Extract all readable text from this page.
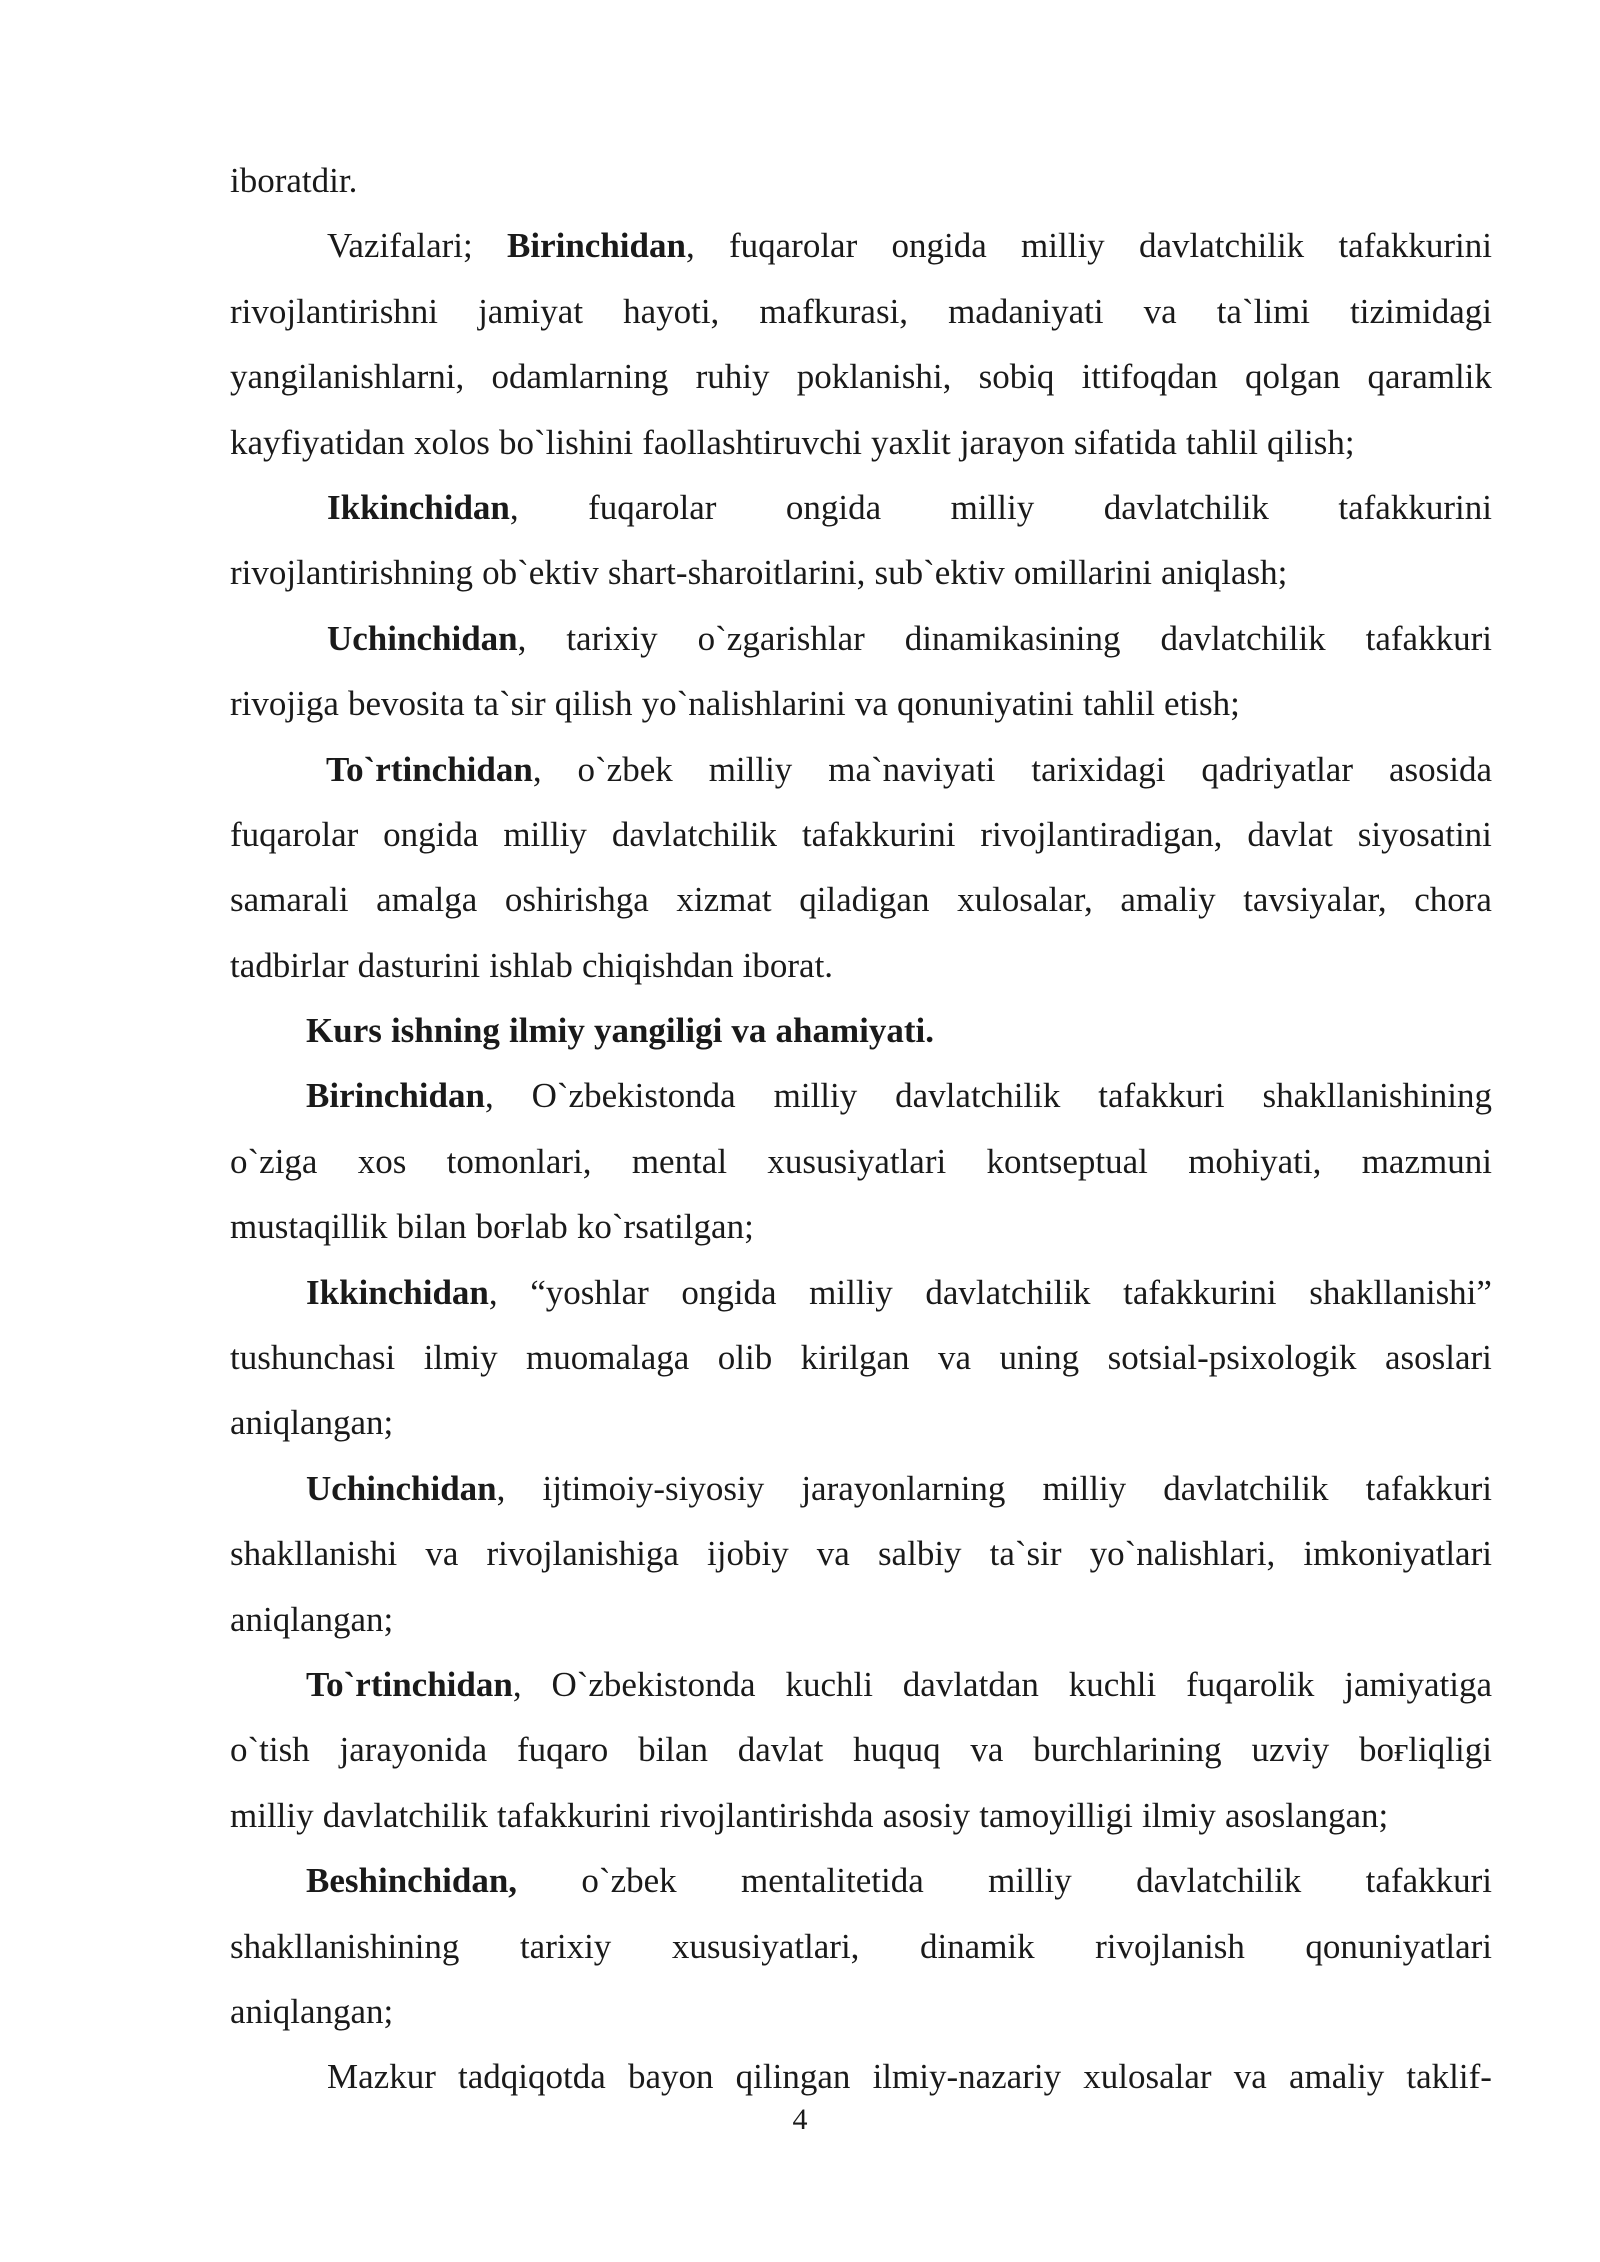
iboratdir.
Vazifalari; Birinchidan, fuqarolar ongida milliy davlatchilik tafakkurini
rivojlantirishni jamiyat hayoti, mafkurasi, madaniyati va ta`limi tizimidagi
yangilanishlarni, odamlarning ruhiy poklanishi, sobiq ittifoqdan qolgan qaramlik
kayfiyatidan xolos bo`lishini faollashtiruvchi yaxlit jarayon sifatida tahlil qilish;
Ikkinchidan, fuqarolar ongida milliy davlatchilik tafakkurini
rivojlantirishning ob`ektiv shart-sharoitlarini, sub`ektiv omillarini aniqlash;
Uchinchidan, tarixiy o`zgarishlar dinamikasining davlatchilik tafakkuri
rivojiga bevosita ta`sir qilish yo`nalishlarini va qonuniyatini tahlil etish;
To`rtinchidan, o`zbek milliy ma`naviyati tarixidagi qadriyatlar asosida
fuqarolar ongida milliy davlatchilik tafakkurini rivojlantiradigan, davlat siyosatini
samarali amalga oshirishga xizmat qiladigan xulosalar, amaliy tavsiyalar, chora
tadbirlar dasturini ishlab chiqishdan iborat.
Kurs ishning ilmiy yangiligi va ahamiyati.
Birinchidan, O`zbekistonda milliy davlatchilik tafakkuri shakllanishining
o`ziga xos tomonlari, mental xususiyatlari kontseptual mohiyati, mazmuni
mustaqillik bilan boғlab ko`rsatilgan;
Ikkinchidan, “yoshlar ongida milliy davlatchilik tafakkurini shakllanishi”
tushunchasi ilmiy muomalaga olib kirilgan va uning sotsial-psixologik asoslari
aniqlangan;
Uchinchidan, ijtimoiy-siyosiy jarayonlarning milliy davlatchilik tafakkuri
shakllanishi va rivojlanishiga ijobiy va salbiy ta`sir yo`nalishlari, imkoniyatlari
aniqlangan;
To`rtinchidan, O`zbekistonda kuchli davlatdan kuchli fuqarolik jamiyatiga
o`tish jarayonida fuqaro bilan davlat huquq va burchlarining uzviy boғliqligi
milliy davlatchilik tafakkurini rivojlantirishda asosiy tamoyilligi ilmiy asoslangan;
Beshinchidan, o`zbek mentalitetida milliy davlatchilik tafakkuri
shakllanishining tarixiy xususiyatlari, dinamik rivojlanish qonuniyatlari
aniqlangan;
Mazkur tadqiqotda bayon qilingan ilmiy-nazariy xulosalar va amaliy taklif-
4
